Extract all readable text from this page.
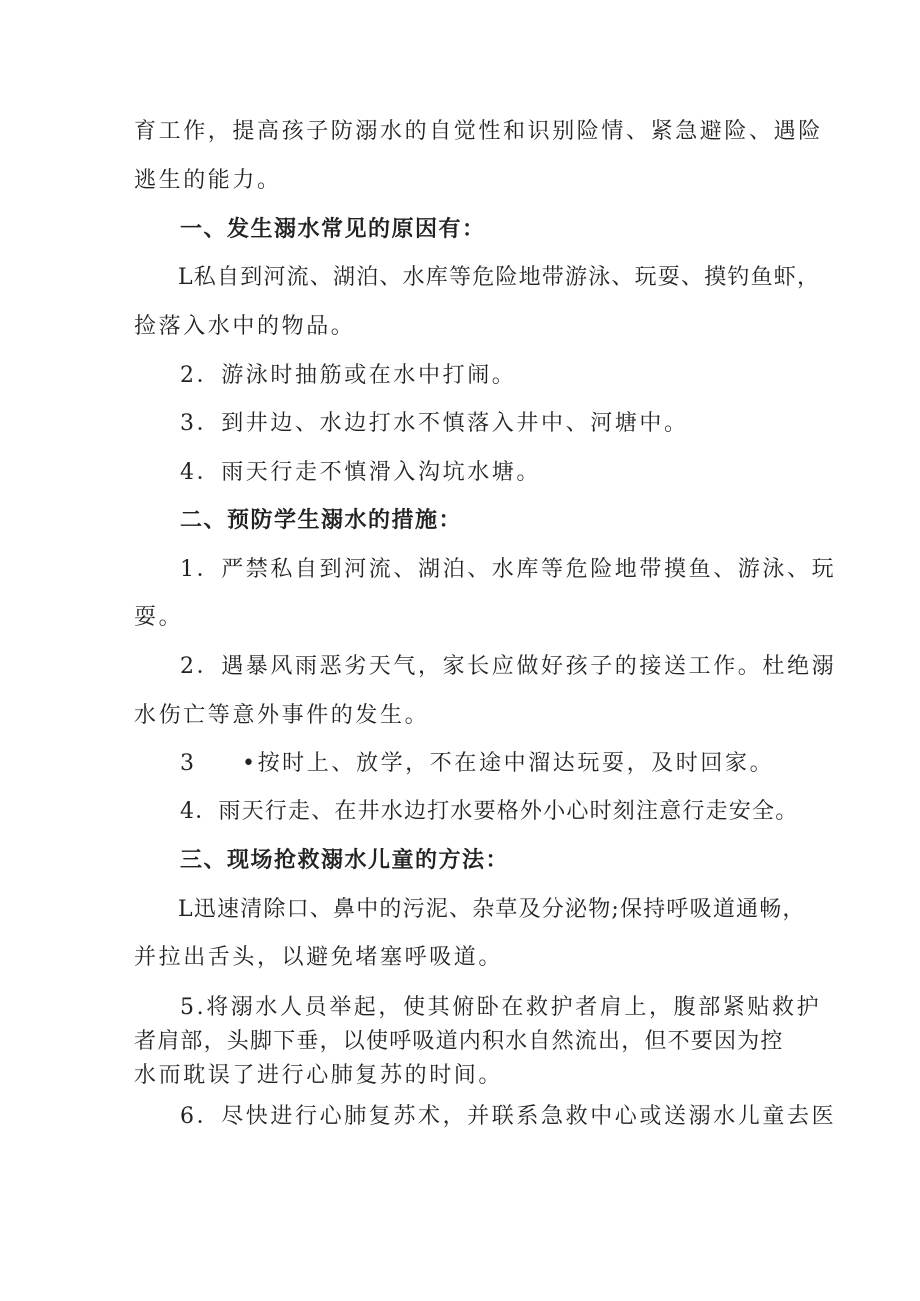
育工作，提高孩子防溺水的自觉性和识别险情、紧急避险、遇险
逃生的能力。
一、发生溺水常见的原因有：
L私自到河流、湖泊、水库等危险地带游泳、玩耍、摸钓鱼虾，
捡落入水中的物品。
2．游泳时抽筋或在水中打闹。
3．到井边、水边打水不慎落入井中、河塘中。
4．雨天行走不慎滑入沟坑水塘。
二、预防学生溺水的措施：
1．严禁私自到河流、湖泊、水库等危险地带摸鱼、游泳、玩
耍。
2．遇暴风雨恶劣天气，家长应做好孩子的接送工作。杜绝溺
水伤亡等意外事件的发生。
3 •按时上、放学，不在途中溜达玩耍，及时回家。
4．雨天行走、在井水边打水要格外小心时刻注意行走安全。
三、现场抢救溺水儿童的方法：
L迅速清除口、鼻中的污泥、杂草及分泌物;保持呼吸道通畅，
并拉出舌头，以避免堵塞呼吸道。
5.将溺水人员举起，使其俯卧在救护者肩上，腹部紧贴救护
者肩部，头脚下垂，以使呼吸道内积水自然流出，但不要因为控
水而耽误了进行心肺复苏的时间。
6．尽快进行心肺复苏术，并联系急救中心或送溺水儿童去医
